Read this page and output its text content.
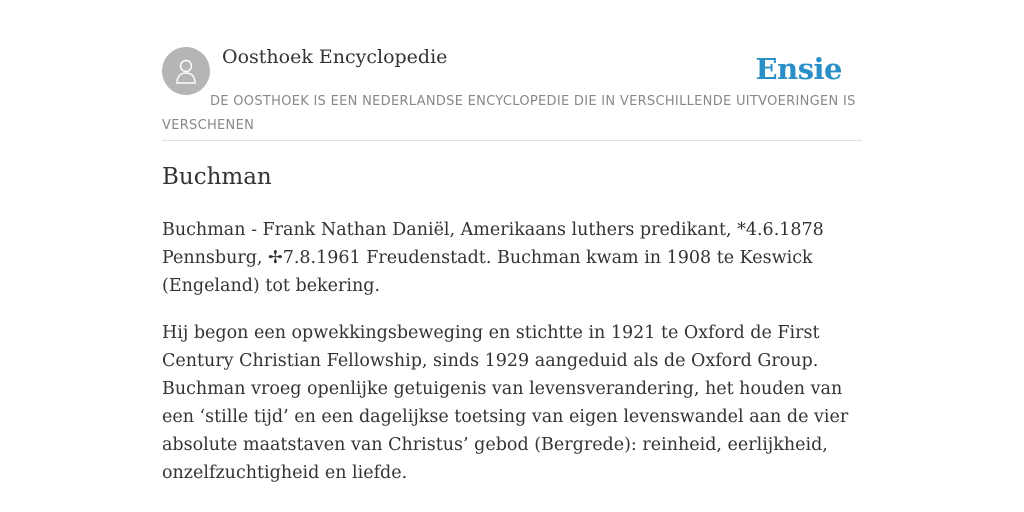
Oosthoek Encyclopedie	Ensie
DE OOSTHOEK IS EEN NEDERLANDSE ENCYCLOPEDIE DIE IN VERSCHILLENDE UITVOERINGEN IS VERSCHENEN
Buchman

Buchman - Frank Nathan Daniël, Amerikaans luthers predikant, *4.6.1878 Pennsburg, ✢7.8.1961 Freudenstadt. Buchman kwam in 1908 te Keswick (Engeland) tot bekering.

Hij begon een opwekkingsbeweging en stichtte in 1921 te Oxford de First Century Christian Fellowship, sinds 1929 aangeduid als de Oxford Group. Buchman vroeg openlijke getuigenis van levensverandering, het houden van een ‘stille tijd’ en een dagelijkse toetsing van eigen levenswandel aan de vier absolute maatstaven van Christus’ gebod (Bergrede): reinheid, eerlijkheid, onzelfzuchtigheid en liefde.
